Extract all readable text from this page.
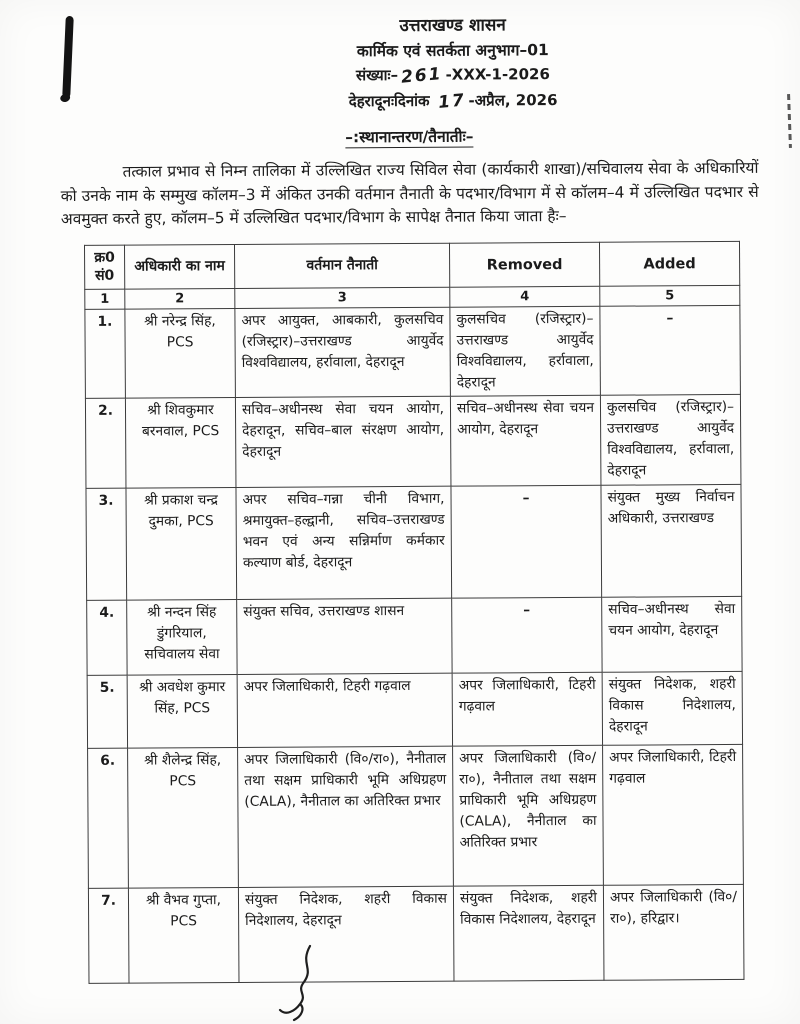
उत्तराखण्ड शासन
कार्मिक एवं सतर्कता अनुभाग–01
संख्याः– 261 -XXX-1-2026
देहरादूनःदिनांक 17 -अप्रैल, 2026
–:स्थानान्तरण/तैनातीः–

तत्काल प्रभाव से निम्न तालिका में उल्लिखित राज्य सिविल सेवा (कार्यकारी शाखा)/सचिवालय सेवा के अधिकारियों को उनके नाम के सम्मुख कॉलम–3 में अंकित उनकी वर्तमान तैनाती के पदभार/विभाग में से कॉलम–4 में उल्लिखित पदभार से अवमुक्त करते हुए, कॉलम–5 में उल्लिखित पदभार/विभाग के सापेक्ष तैनात किया जाता हैः–

क्र0 सं0	अधिकारी का नाम	वर्तमान तैनाती	Removed	Added
1	2	3	4	5
1.	श्री नरेन्द्र सिंह, PCS	अपर आयुक्त, आबकारी, कुलसचिव (रजिस्ट्रार)–उत्तराखण्ड आयुर्वेद विश्वविद्यालय, हर्रावाला, देहरादून	कुलसचिव (रजिस्ट्रार)– उत्तराखण्ड आयुर्वेद विश्वविद्यालय, हर्रावाला, देहरादून	–
2.	श्री शिवकुमार बरनवाल, PCS	सचिव–अधीनस्थ सेवा चयन आयोग, देहरादून, सचिव–बाल संरक्षण आयोग, देहरादून	सचिव–अधीनस्थ सेवा चयन आयोग, देहरादून	कुलसचिव (रजिस्ट्रार)– उत्तराखण्ड आयुर्वेद विश्वविद्यालय, हर्रावाला, देहरादून
3.	श्री प्रकाश चन्द्र दुमका, PCS	अपर सचिव–गन्ना चीनी विभाग, श्रमायुक्त–हल्द्वानी, सचिव–उत्तराखण्ड भवन एवं अन्य सन्निर्माण कर्मकार कल्याण बोर्ड, देहरादून	–	संयुक्त मुख्य निर्वाचन अधिकारी, उत्तराखण्ड
4.	श्री नन्दन सिंह डुंगरियाल, सचिवालय सेवा	संयुक्त सचिव, उत्तराखण्ड शासन	–	सचिव–अधीनस्थ सेवा चयन आयोग, देहरादून
5.	श्री अवधेश कुमार सिंह, PCS	अपर जिलाधिकारी, टिहरी गढ़वाल	अपर जिलाधिकारी, टिहरी गढ़वाल	संयुक्त निदेशक, शहरी विकास निदेशालय, देहरादून
6.	श्री शैलेन्द्र सिंह, PCS	अपर जिलाधिकारी (वि०/रा०), नैनीताल तथा सक्षम प्राधिकारी भूमि अधिग्रहण (CALA), नैनीताल का अतिरिक्त प्रभार	अपर जिलाधिकारी (वि०/रा०), नैनीताल तथा सक्षम प्राधिकारी भूमि अधिग्रहण (CALA), नैनीताल का अतिरिक्त प्रभार	अपर जिलाधिकारी, टिहरी गढ़वाल
7.	श्री वैभव गुप्ता, PCS	संयुक्त निदेशक, शहरी विकास निदेशालय, देहरादून	संयुक्त निदेशक, शहरी विकास निदेशालय, देहरादून	अपर जिलाधिकारी (वि०/रा०), हरिद्वार।
